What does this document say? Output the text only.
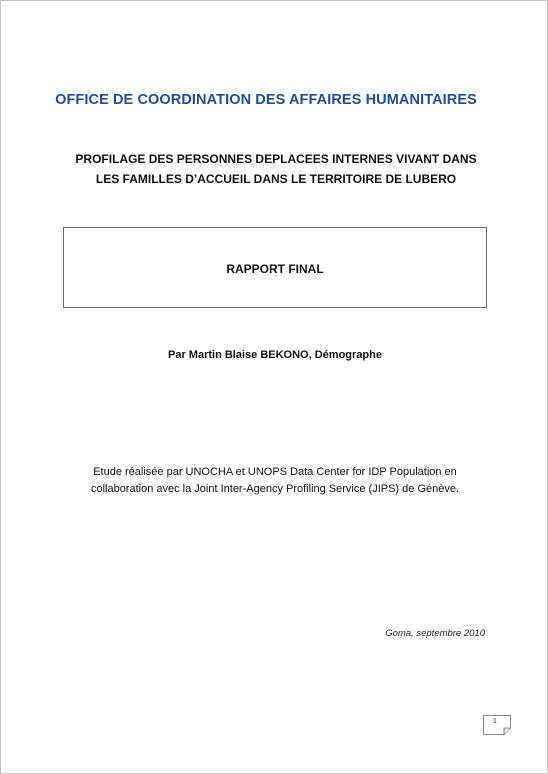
OFFICE DE COORDINATION DES AFFAIRES HUMANITAIRES
PROFILAGE DES PERSONNES DEPLACEES INTERNES VIVANT DANS
LES FAMILLES D’ACCUEIL DANS LE TERRITOIRE DE LUBERO
RAPPORT FINAL
Par Martin Blaise BEKONO, Démographe
Etude réalisée par UNOCHA et UNOPS Data Center for IDP Population en
collaboration avec la Joint Inter-Agency Profiling Service (JIPS) de Génève.
Goma, septembre 2010
1
